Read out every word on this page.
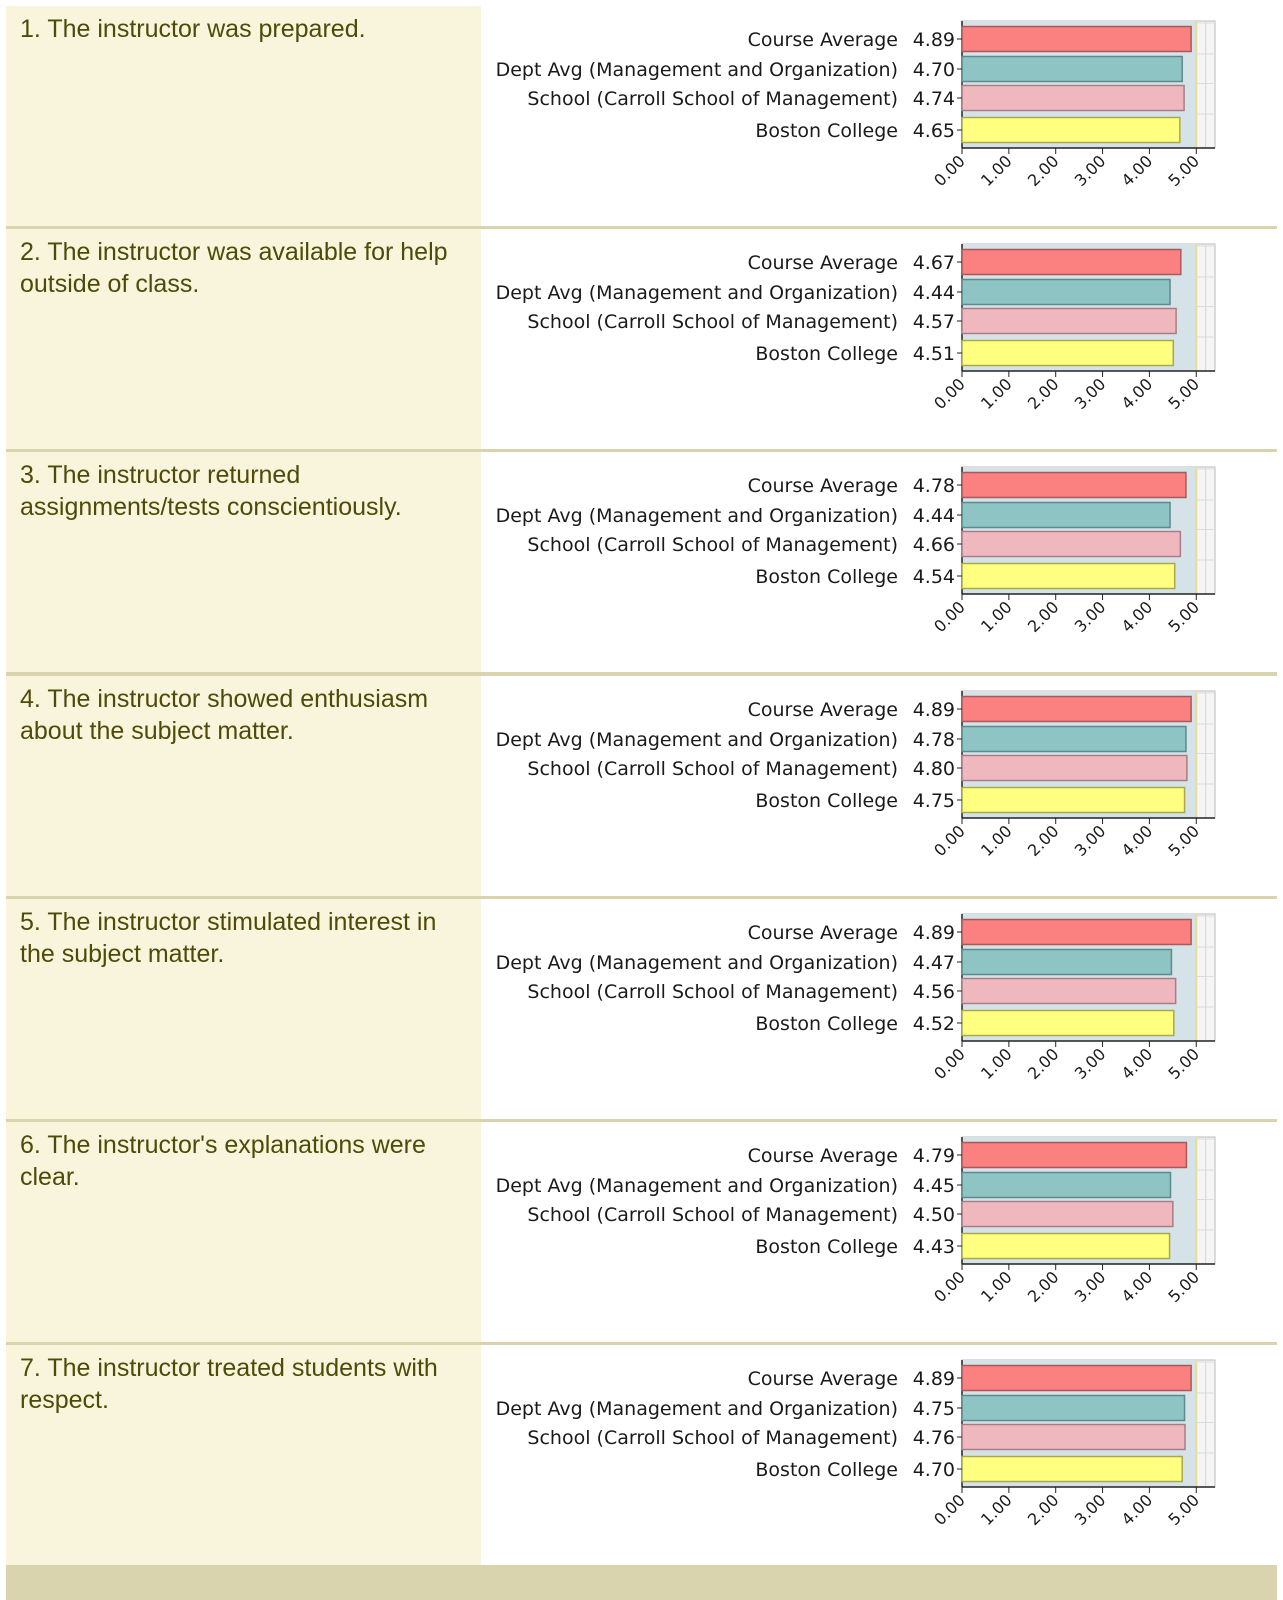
1. The instructor was prepared.	4.89
Course Average
4.70
Dept Avg (Management and Organization)
4.74
School (Carroll School of Management)
4.65
Boston College
0.00 1.00 2.00 3.00 4.00 5.00
2. The instructor was available for help outside of class.
4.67
Course Average
4.44
Dept Avg (Management and Organization)
4.57
School (Carroll School of Management)
4.51
Boston College
0.00 1.00 2.00 3.00 4.00 5.00
3. The instructor returned assignments/tests conscientiously.
4.78
Course Average
4.44
Dept Avg (Management and Organization)
4.66
School (Carroll School of Management)
4.54
Boston College
0.00 1.00 2.00 3.00 4.00 5.00
4. The instructor showed enthusiasm about the subject matter.
4.89
Course Average
4.78
Dept Avg (Management and Organization)
4.80
School (Carroll School of Management)
4.75
Boston College
0.00 1.00 2.00 3.00 4.00 5.00
5. The instructor stimulated interest in the subject matter.
4.89
Course Average
4.47
Dept Avg (Management and Organization)
4.56
School (Carroll School of Management)
4.52
Boston College
0.00 1.00 2.00 3.00 4.00 5.00
6. The instructor's explanations were clear.
4.79
Course Average
4.45
Dept Avg (Management and Organization)
4.50
School (Carroll School of Management)
4.43
Boston College
0.00 1.00 2.00 3.00 4.00 5.00
7. The instructor treated students with respect.
4.89
Course Average
4.75
Dept Avg (Management and Organization)
4.76
School (Carroll School of Management)
4.70
Boston College
0.00 1.00 2.00 3.00 4.00 5.00
